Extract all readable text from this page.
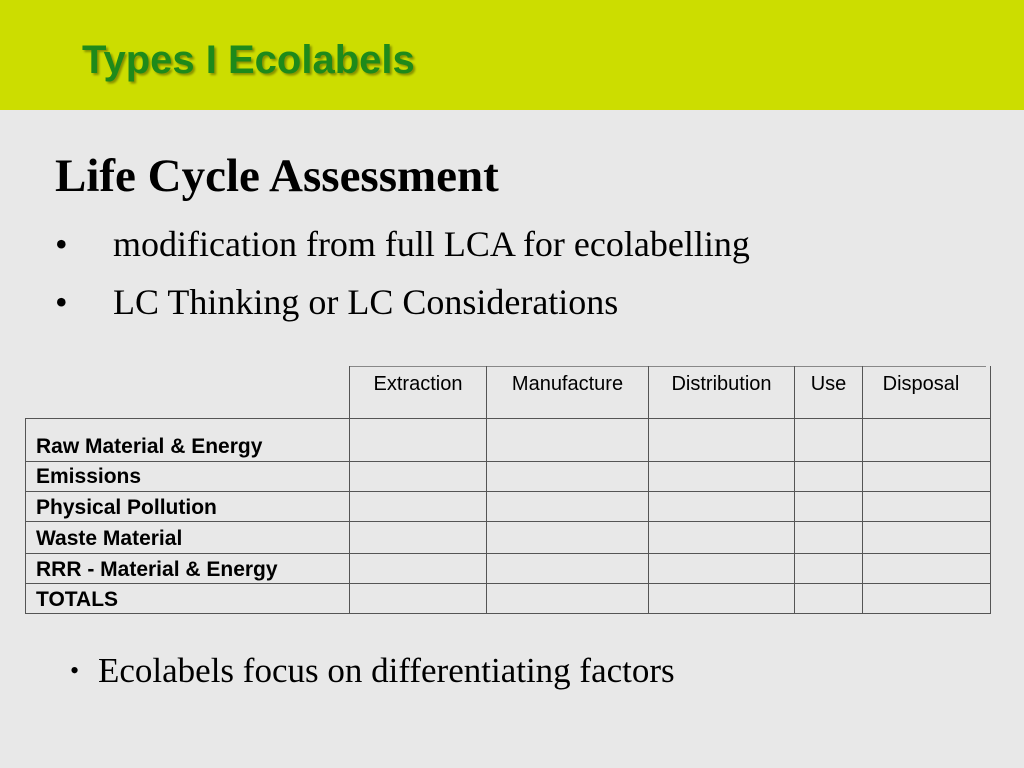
Types I Ecolabels
Life Cycle Assessment
• modification from full LCA for ecolabelling
• LC Thinking or LC Considerations
Extraction	Manufacture	Distribution	Use	Disposal
Raw Material & Energy
Emissions
Physical Pollution
Waste Material
RRR - Material & Energy
TOTALS
• Ecolabels focus on differentiating factors
